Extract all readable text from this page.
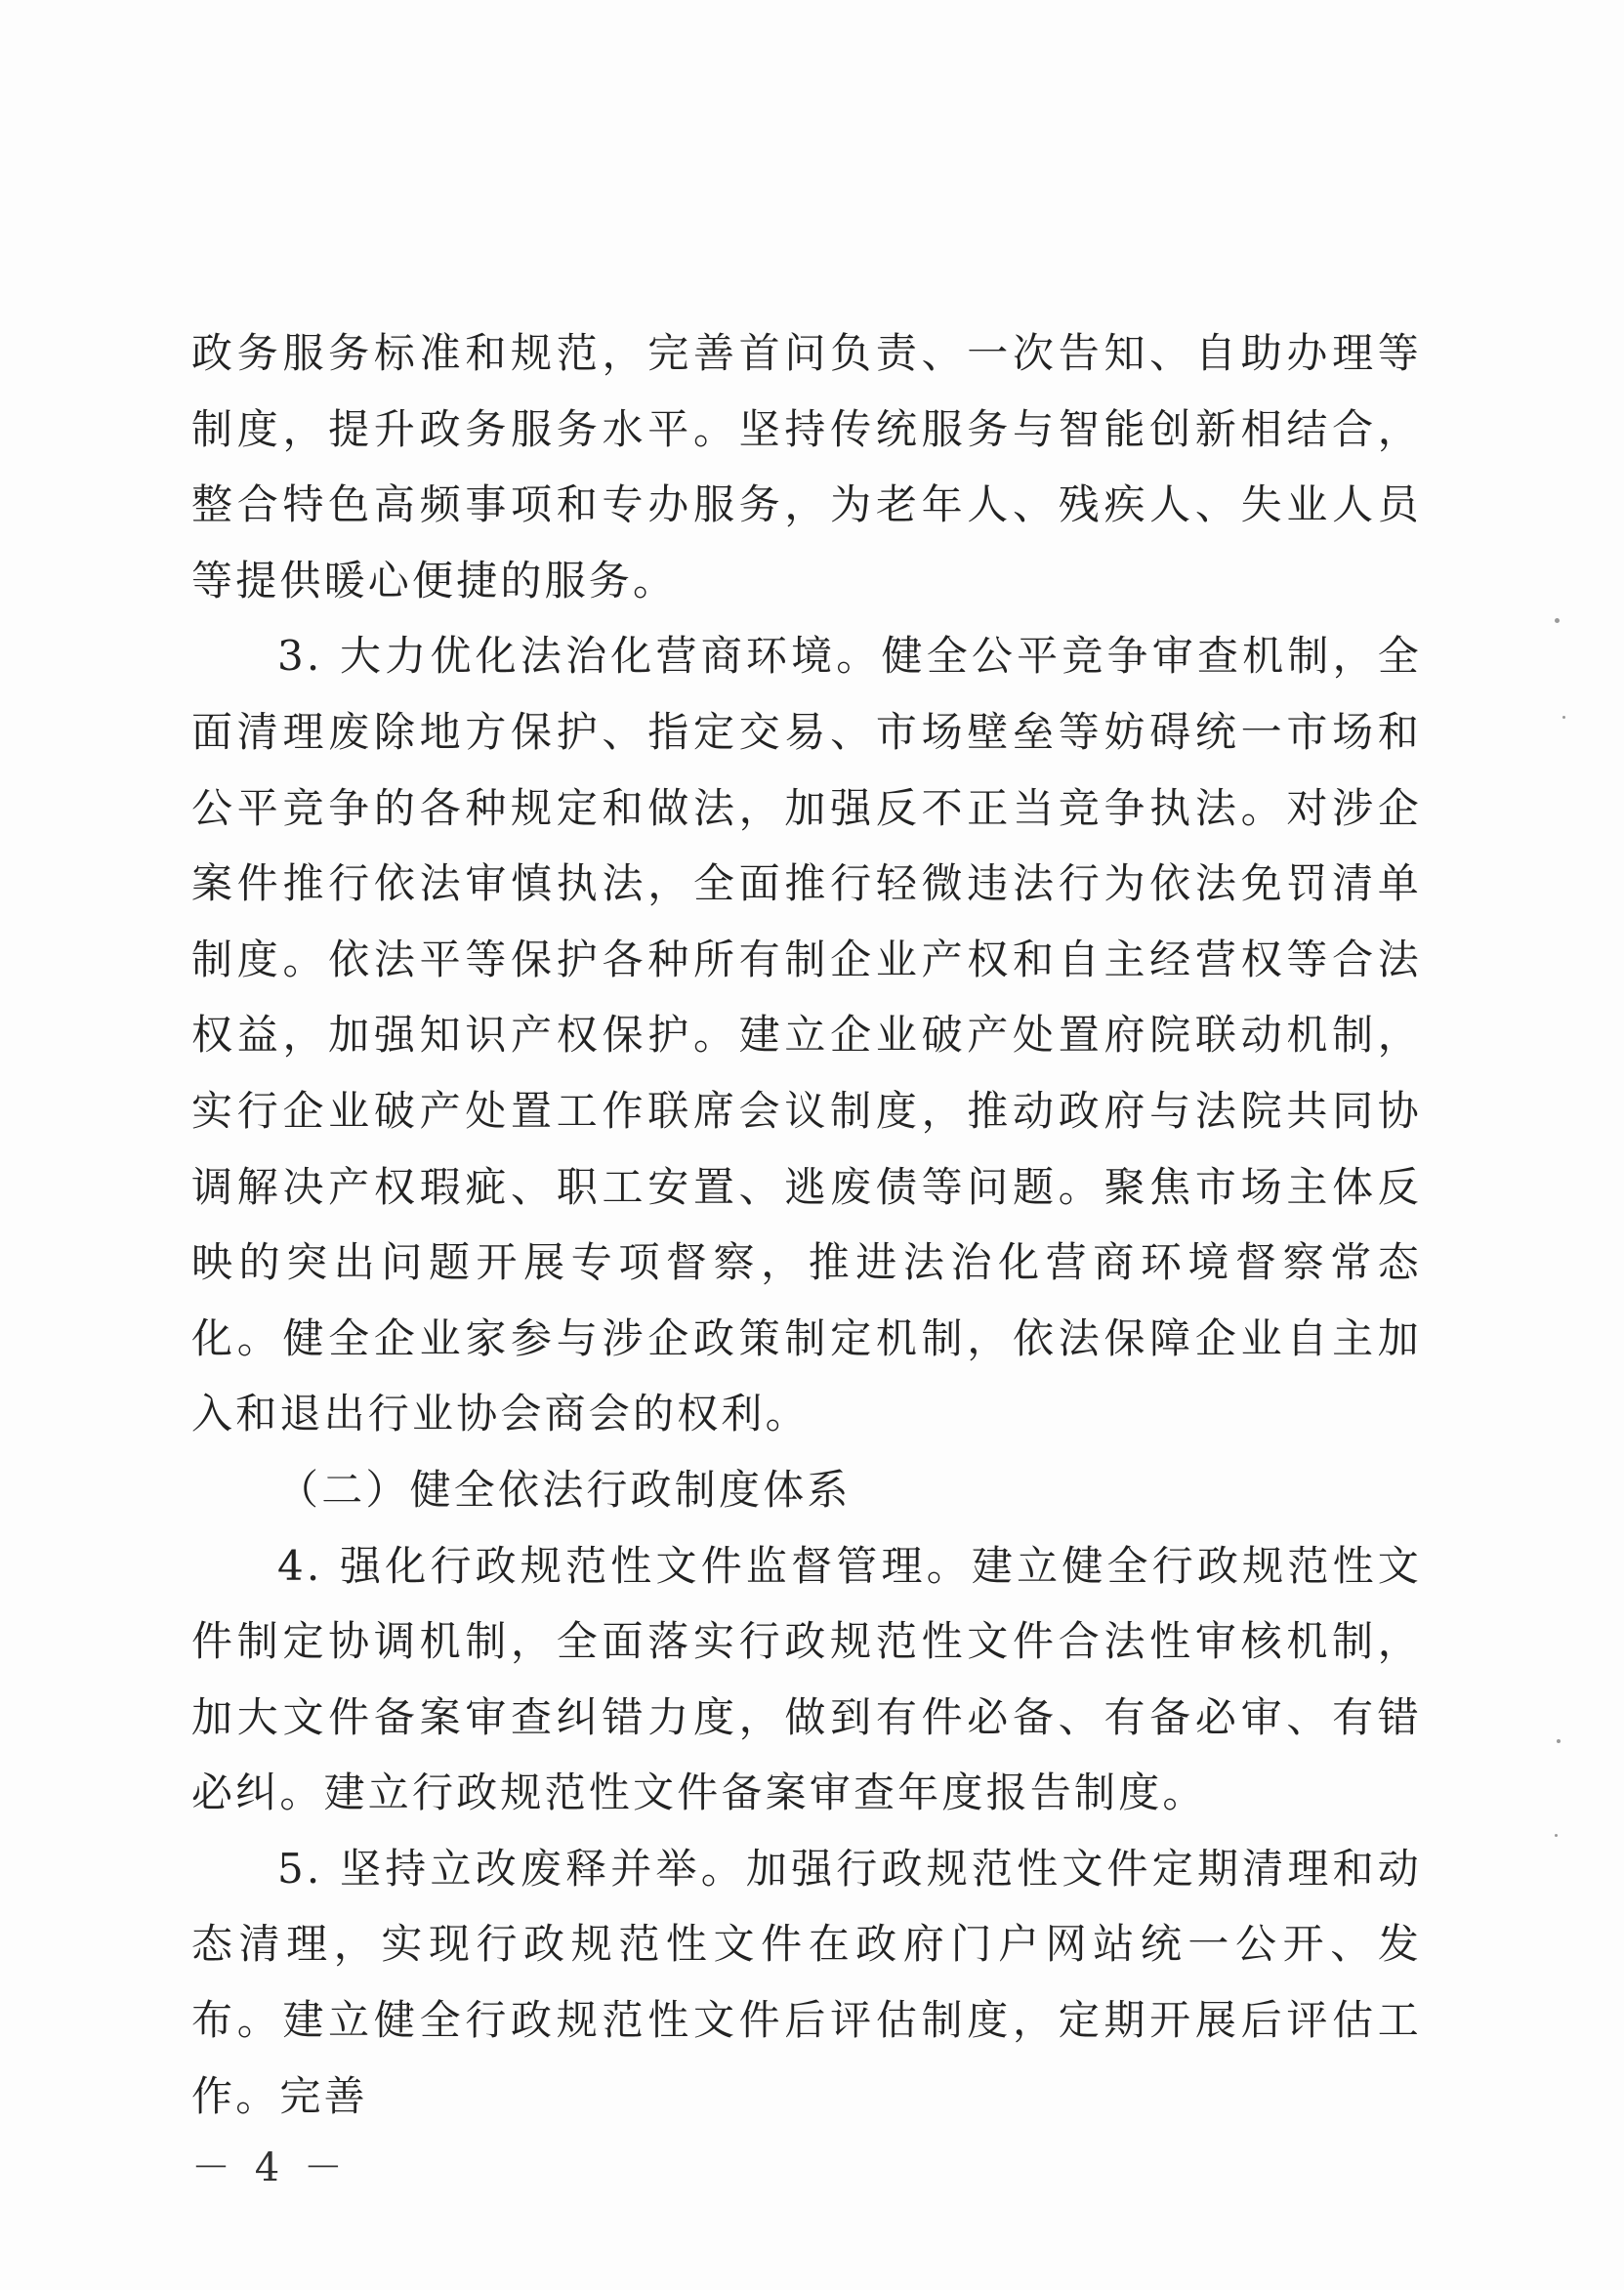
政务服务标准和规范，完善首问负责、一次告知、自助办理等制度，提升政务服务水平。坚持传统服务与智能创新相结合，整合特色高频事项和专办服务，为老年人、残疾人、失业人员等提供暖心便捷的服务。

3. 大力优化法治化营商环境。健全公平竞争审查机制，全面清理废除地方保护、指定交易、市场壁垒等妨碍统一市场和公平竞争的各种规定和做法，加强反不正当竞争执法。对涉企案件推行依法审慎执法，全面推行轻微违法行为依法免罚清单制度。依法平等保护各种所有制企业产权和自主经营权等合法权益，加强知识产权保护。建立企业破产处置府院联动机制，实行企业破产处置工作联席会议制度，推动政府与法院共同协调解决产权瑕疵、职工安置、逃废债等问题。聚焦市场主体反映的突出问题开展专项督察，推进法治化营商环境督察常态化。健全企业家参与涉企政策制定机制，依法保障企业自主加入和退出行业协会商会的权利。

（二）健全依法行政制度体系

4. 强化行政规范性文件监督管理。建立健全行政规范性文件制定协调机制，全面落实行政规范性文件合法性审核机制，加大文件备案审查纠错力度，做到有件必备、有备必审、有错必纠。建立行政规范性文件备案审查年度报告制度。

5. 坚持立改废释并举。加强行政规范性文件定期清理和动态清理，实现行政规范性文件在政府门户网站统一公开、发布。建立健全行政规范性文件后评估制度，定期开展后评估工作。完善

－ 4 －
